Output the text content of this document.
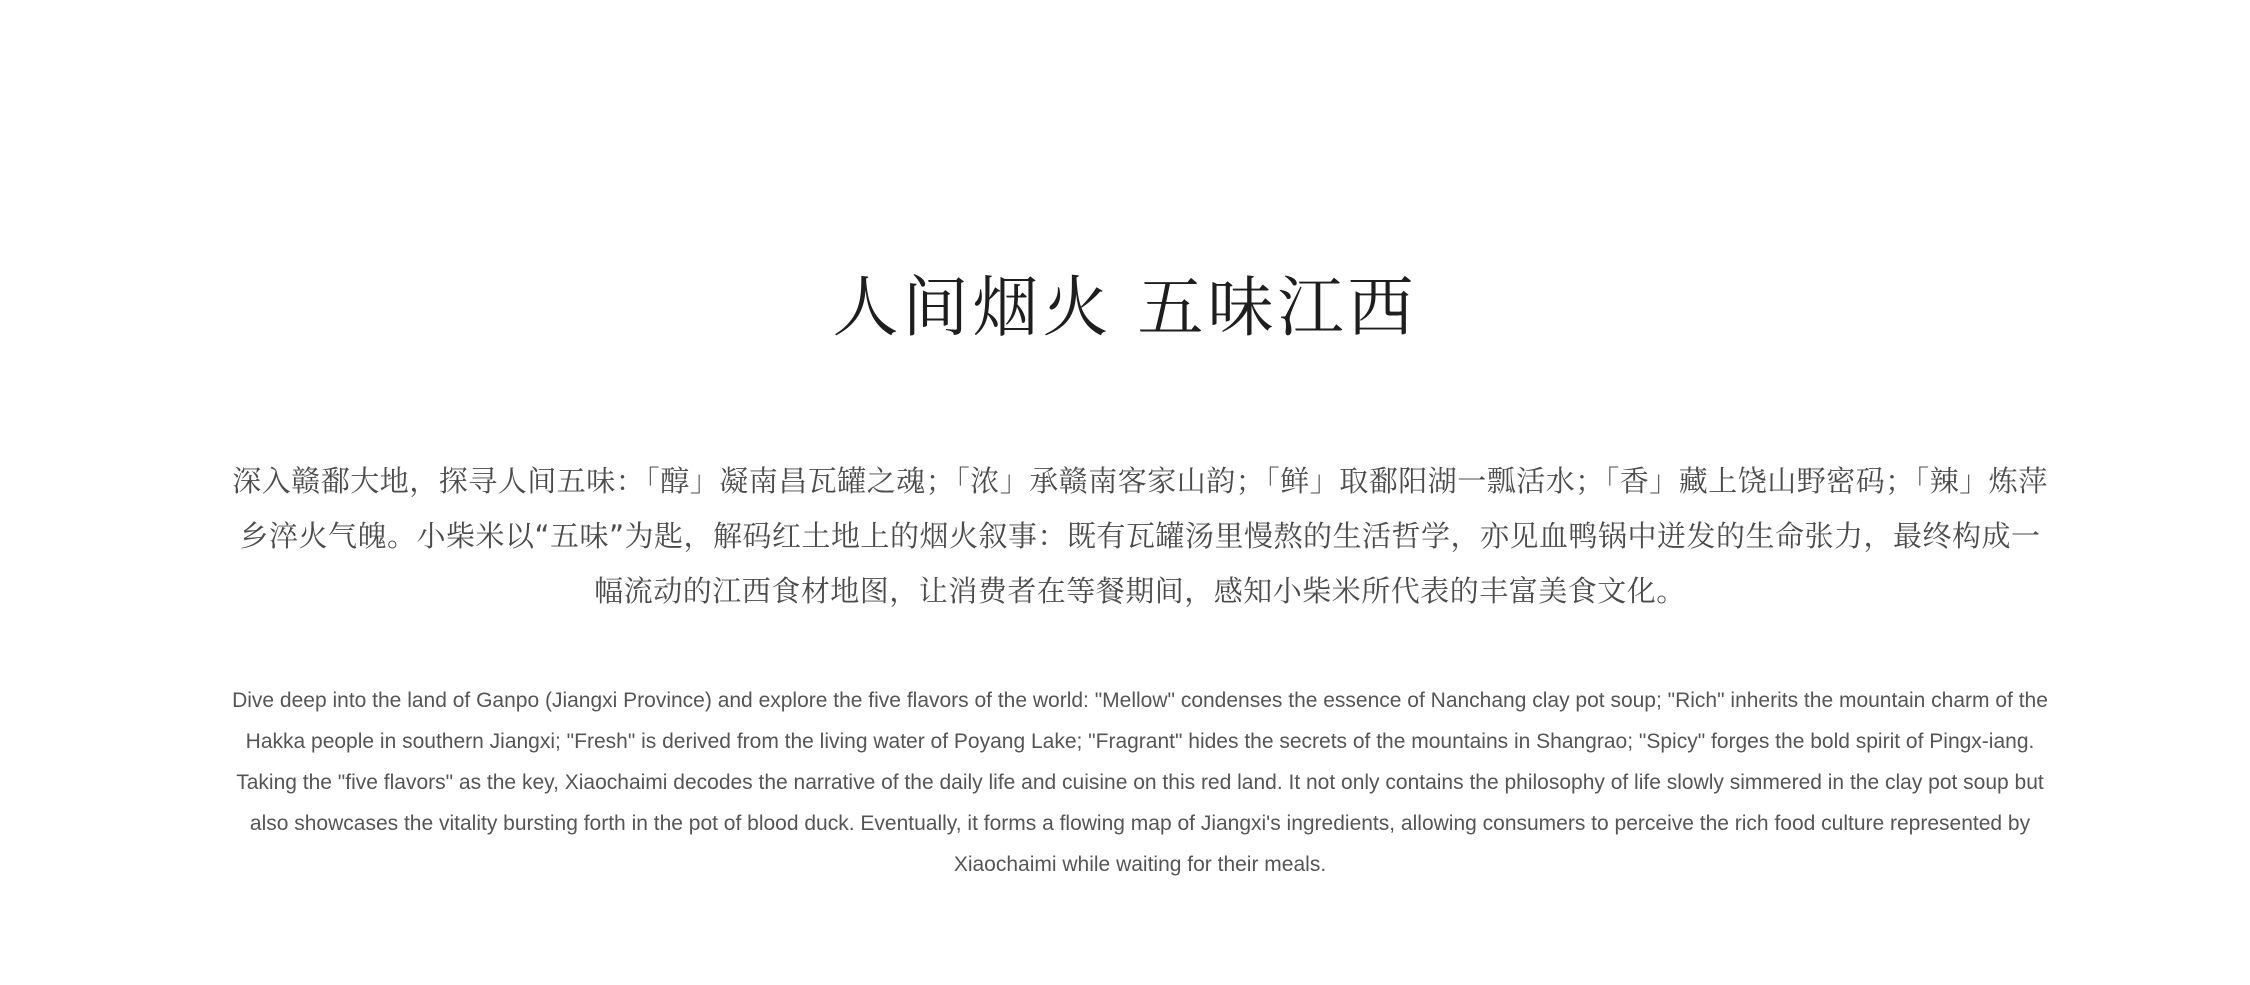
人间烟火 五味江西
深入赣鄱大地，探寻人间五味：「醇」凝南昌瓦罐之魂；「浓」承赣南客家山韵；「鲜」取鄱阳湖一瓢活水；「香」藏上饶山野密码；「辣」炼萍乡淬火气魄。小柴米以“五味”为匙，解码红土地上的烟火叙事：既有瓦罐汤里慢熬的生活哲学，亦见血鸭锅中迸发的生命张力，最终构成一幅流动的江西食材地图，让消费者在等餐期间，感知小柴米所代表的丰富美食文化。
Dive deep into the land of Ganpo (Jiangxi Province) and explore the five flavors of the world: "Mellow" condenses the essence of Nanchang clay pot soup; "Rich" inherits the mountain charm of the Hakka people in southern Jiangxi; "Fresh" is derived from the living water of Poyang Lake; "Fragrant" hides the secrets of the mountains in Shangrao; "Spicy" forges the bold spirit of Pingx-iang. Taking the "five flavors" as the key, Xiaochaimi decodes the narrative of the daily life and cuisine on this red land. It not only contains the philosophy of life slowly simmered in the clay pot soup but also showcases the vitality bursting forth in the pot of blood duck. Eventually, it forms a flowing map of Jiangxi's ingredients, allowing consumers to perceive the rich food culture represented by Xiaochaimi while waiting for their meals.
